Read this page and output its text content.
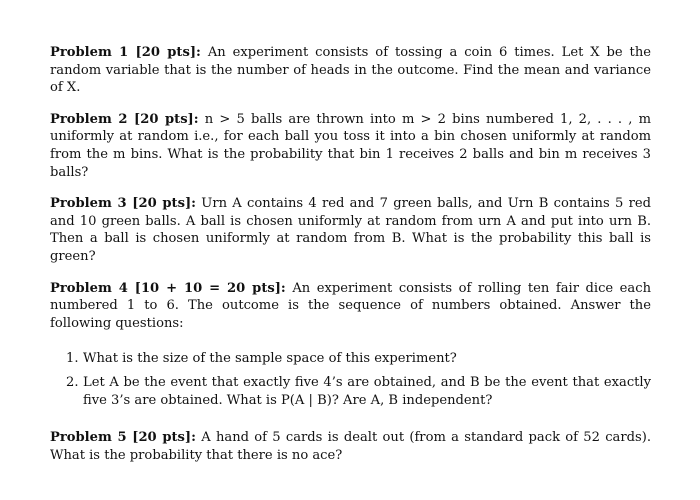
Problem 1 [20 pts]: An experiment consists of tossing a coin 6 times. Let X be the random variable that is the number of heads in the outcome. Find the mean and variance of X.

Problem 2 [20 pts]: n > 5 balls are thrown into m > 2 bins numbered 1, 2, . . . , m uniformly at random i.e., for each ball you toss it into a bin chosen uniformly at random from the m bins. What is the probability that bin 1 receives 2 balls and bin m receives 3 balls?

Problem 3 [20 pts]: Urn A contains 4 red and 7 green balls, and Urn B contains 5 red and 10 green balls. A ball is chosen uniformly at random from urn A and put into urn B. Then a ball is chosen uniformly at random from B. What is the probability this ball is green?

Problem 4 [10 + 10 = 20 pts]: An experiment consists of rolling ten fair dice each numbered 1 to 6. The outcome is the sequence of numbers obtained. Answer the following questions:
1. What is the size of the sample space of this experiment?
2. Let A be the event that exactly five 4’s are obtained, and B be the event that exactly five 3’s are obtained. What is P(A | B)? Are A, B independent?

Problem 5 [20 pts]: A hand of 5 cards is dealt out (from a standard pack of 52 cards). What is the probability that there is no ace?
